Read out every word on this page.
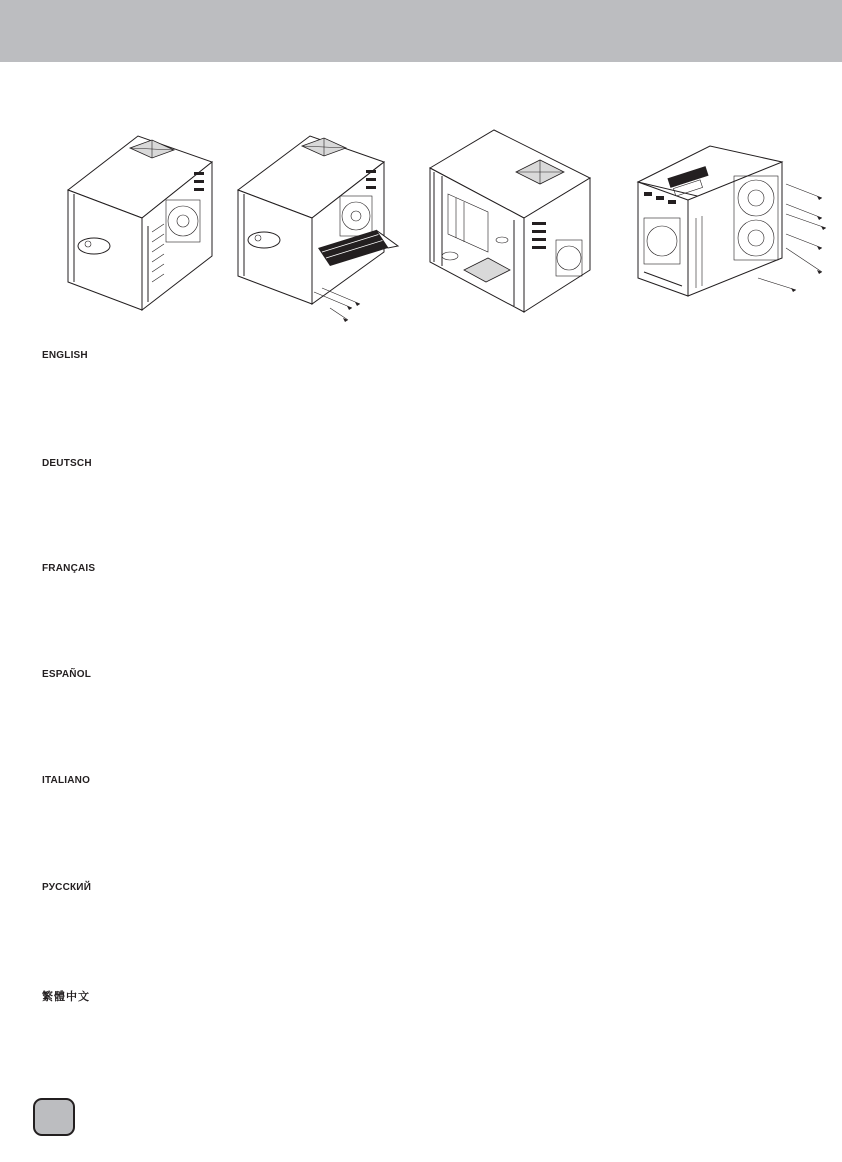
ENGLISH
DEUTSCH
FRANÇAIS
ESPAÑOL
ITALIANO
РУССКИЙ
繁體中文
